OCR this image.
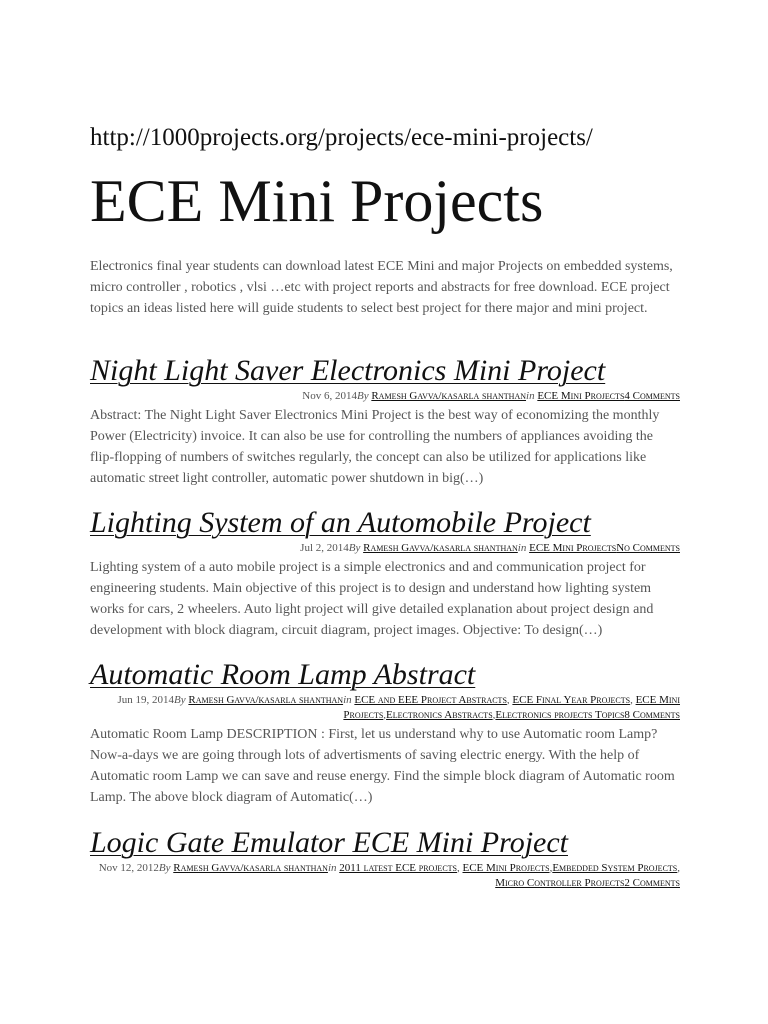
http://1000projects.org/projects/ece-mini-projects/
ECE Mini Projects

Electronics final year students can download latest ECE Mini and major Projects on embedded systems, micro controller , robotics , vlsi …etc with project reports and abstracts for free download. ECE project topics an ideas listed here will guide students to select best project for there major and mini project.

Night Light Saver Electronics Mini Project
Nov 6, 2014By Ramesh Gavva/kasarla shanthanin ECE Mini Projects4 Comments

Abstract: The Night Light Saver Electronics Mini Project is the best way of economizing the monthly Power (Electricity) invoice. It can also be use for controlling the numbers of appliances avoiding the flip-flopping of numbers of switches regularly, the concept can also be utilized for applications like automatic street light controller, automatic power shutdown in big(…)

Lighting System of an Automobile Project
Jul 2, 2014By Ramesh Gavva/kasarla shanthanin ECE Mini ProjectsNo Comments

Lighting system of a auto mobile project is a simple electronics and and communication project for engineering students. Main objective of this project is to design and understand how lighting system works for cars, 2 wheelers. Auto light project will give detailed explanation about project design and development with block diagram, circuit diagram, project images. Objective: To design(…)

Automatic Room Lamp Abstract
Jun 19, 2014By Ramesh Gavva/kasarla shanthanin ECE and EEE Project Abstracts, ECE Final Year Projects, ECE Mini Projects,Electronics Abstracts,Electronics projects Topics8 Comments

Automatic Room Lamp DESCRIPTION : First, let us understand why to use Automatic room Lamp? Now-a-days we are going through lots of advertisments of saving electric energy. With the help of Automatic room Lamp we can save and reuse energy. Find the simple block diagram of Automatic room Lamp. The above block diagram of Automatic(…)

Logic Gate Emulator ECE Mini Project
Nov 12, 2012By Ramesh Gavva/kasarla shanthanin 2011 latest ECE projects, ECE Mini Projects,Embedded System Projects, Micro Controller Projects2 Comments
